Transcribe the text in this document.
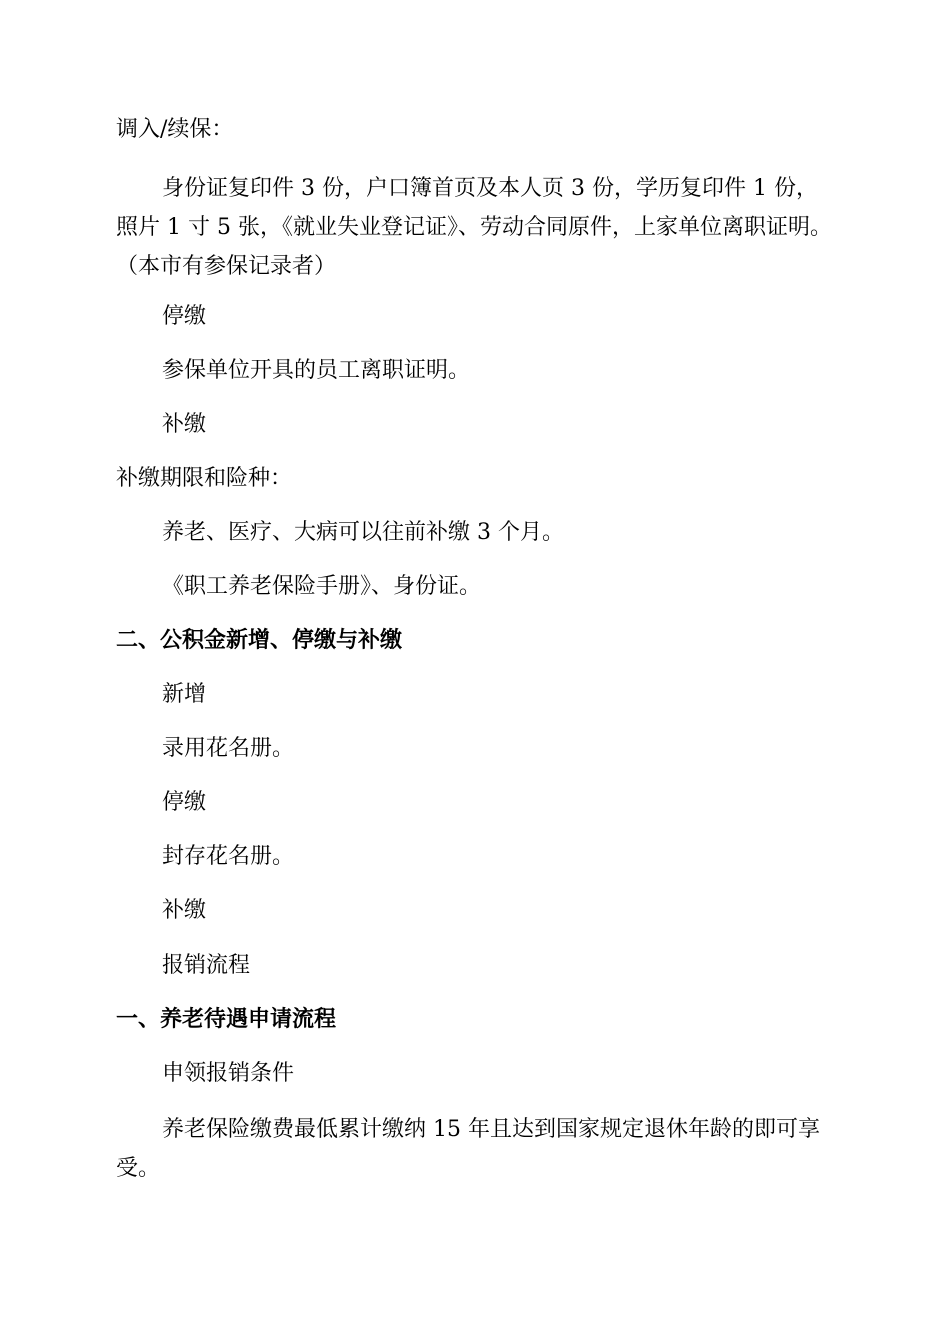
调入/续保：

身份证复印件 3 份，户口簿首页及本人页 3 份，学历复印件 1 份，照片 1 寸 5 张，《就业失业登记证》、劳动合同原件，上家单位离职证明。（本市有参保记录者）

停缴

参保单位开具的员工离职证明。

补缴

补缴期限和险种：

养老、医疗、大病可以往前补缴 3 个月。

《职工养老保险手册》、身份证。

二、公积金新增、停缴与补缴

新增

录用花名册。

停缴

封存花名册。

补缴

报销流程

一、养老待遇申请流程

申领报销条件

养老保险缴费最低累计缴纳 15 年且达到国家规定退休年龄的即可享受。
